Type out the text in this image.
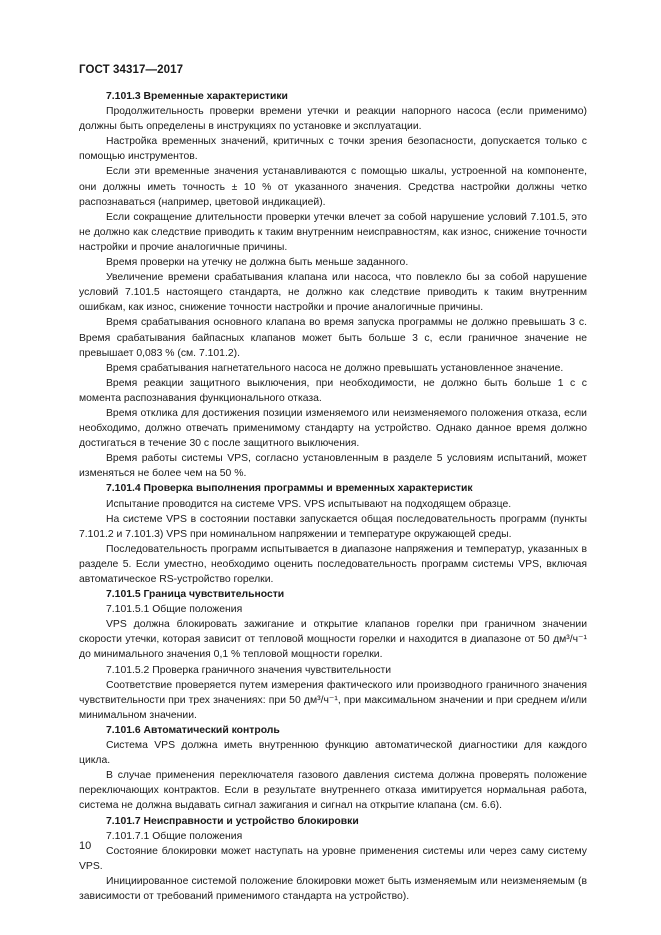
ГОСТ 34317—2017

7.101.3 Временные характеристики

Продолжительность проверки времени утечки и реакции напорного насоса (если применимо) должны быть определены в инструкциях по установке и эксплуатации.

Настройка временных значений, критичных с точки зрения безопасности, допускается только с помощью инструментов.

Если эти временные значения устанавливаются с помощью шкалы, устроенной на компоненте, они должны иметь точность ± 10 % от указанного значения. Средства настройки должны четко распознаваться (например, цветовой индикацией).

Если сокращение длительности проверки утечки влечет за собой нарушение условий 7.101.5, это не должно как следствие приводить к таким внутренним неисправностям, как износ, снижение точности настройки и прочие аналогичные причины.

Время проверки на утечку не должна быть меньше заданного.

Увеличение времени срабатывания клапана или насоса, что повлекло бы за собой нарушение условий 7.101.5 настоящего стандарта, не должно как следствие приводить к таким внутренним ошибкам, как износ, снижение точности настройки и прочие аналогичные причины.

Время срабатывания основного клапана во время запуска программы не должно превышать 3 с. Время срабатывания байпасных клапанов может быть больше 3 с, если граничное значение не превышает 0,083 % (см. 7.101.2).

Время срабатывания нагнетательного насоса не должно превышать установленное значение.

Время реакции защитного выключения, при необходимости, не должно быть больше 1 с с момента распознавания функционального отказа.

Время отклика для достижения позиции изменяемого или неизменяемого положения отказа, если необходимо, должно отвечать применимому стандарту на устройство. Однако данное время должно достигаться в течение 30 с после защитного выключения.

Время работы системы VPS, согласно установленным в разделе 5 условиям испытаний, может изменяться не более чем на 50 %.

7.101.4 Проверка выполнения программы и временных характеристик

Испытание проводится на системе VPS. VPS испытывают на подходящем образце.

На системе VPS в состоянии поставки запускается общая последовательность программ (пункты 7.101.2 и 7.101.3) VPS при номинальном напряжении и температуре окружающей среды.

Последовательность программ испытывается в диапазоне напряжения и температур, указанных в разделе 5. Если уместно, необходимо оценить последовательность программ системы VPS, включая автоматическое RS-устройство горелки.

7.101.5 Граница чувствительности

7.101.5.1 Общие положения

VPS должна блокировать зажигание и открытие клапанов горелки при граничном значении скорости утечки, которая зависит от тепловой мощности горелки и находится в диапазоне от 50 дм³/ч⁻¹ до минимального значения 0,1 % тепловой мощности горелки.

7.101.5.2 Проверка граничного значения чувствительности

Соответствие проверяется путем измерения фактического или производного граничного значения чувствительности при трех значениях: при 50 дм³/ч⁻¹, при максимальном значении и при среднем и/или минимальном значении.

7.101.6 Автоматический контроль

Система VPS должна иметь внутреннюю функцию автоматической диагностики для каждого цикла.

В случае применения переключателя газового давления система должна проверять положение переключающих контрактов. Если в результате внутреннего отказа имитируется нормальная работа, система не должна выдавать сигнал зажигания и сигнал на открытие клапана (см. 6.6).

7.101.7 Неисправности и устройство блокировки

7.101.7.1 Общие положения

Состояние блокировки может наступать на уровне применения системы или через саму систему VPS.

Инициированное системой положение блокировки может быть изменяемым или неизменяемым (в зависимости от требований применимого стандарта на устройство).

10
